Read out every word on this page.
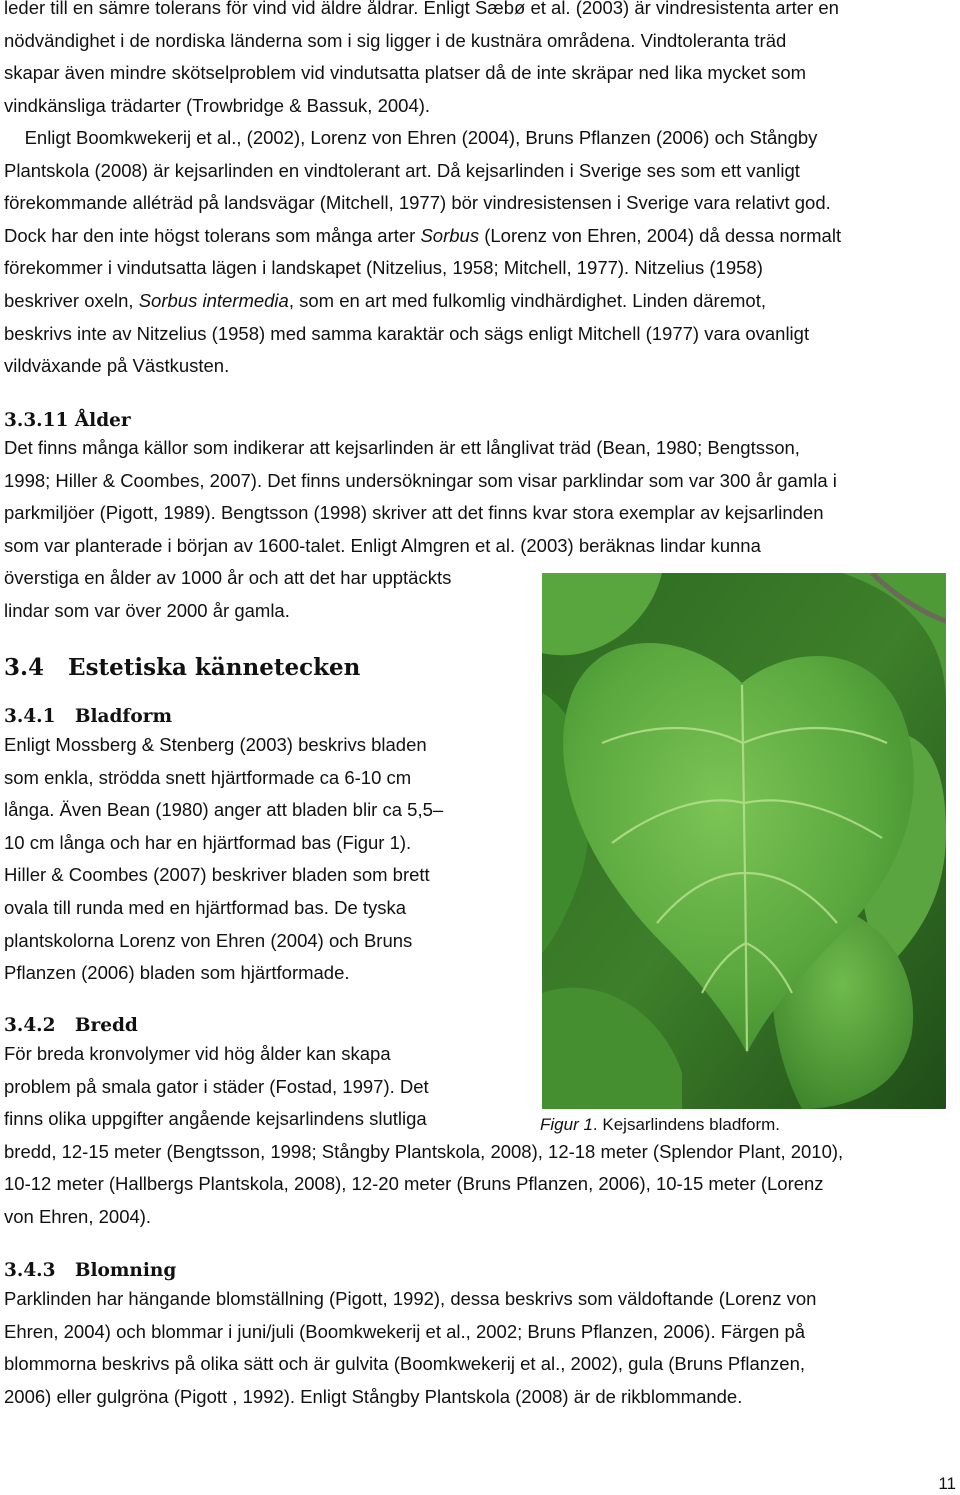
leder till en sämre tolerans för vind vid äldre åldrar. Enligt Sæbø et al. (2003) är vindresistenta arter en
nödvändighet i de nordiska länderna som i sig ligger i de kustnära områdena. Vindtoleranta träd
skapar även mindre skötselproblem vid vindutsatta platser då de inte skräpar ned lika mycket som
vindkänsliga trädarter (Trowbridge & Bassuk, 2004).

Enligt Boomkwekerij et al., (2002), Lorenz von Ehren (2004), Bruns Pflanzen (2006) och Stångby
Plantskola (2008) är kejsarlinden en vindtolerant art. Då kejsarlinden i Sverige ses som ett vanligt
förekommande alléträd på landsvägar (Mitchell, 1977) bör vindresistensen i Sverige vara relativt god.
Dock har den inte högst tolerans som många arter Sorbus (Lorenz von Ehren, 2004) då dessa normalt
förekommer i vindutsatta lägen i landskapet (Nitzelius, 1958; Mitchell, 1977). Nitzelius (1958)
beskriver oxeln, Sorbus intermedia, som en art med fulkomlig vindhärdighet. Linden däremot,
beskrivs inte av Nitzelius (1958) med samma karaktär och sägs enligt Mitchell (1977) vara ovanligt
vildväxande på Västkusten.

3.3.11 Ålder

Det finns många källor som indikerar att kejsarlinden är ett långlivat träd (Bean, 1980; Bengtsson,
1998; Hiller & Coombes, 2007). Det finns undersökningar som visar parklindar som var 300 år gamla i
parkmiljöer (Pigott, 1989). Bengtsson (1998) skriver att det finns kvar stora exemplar av kejsarlinden
som var planterade i början av 1600-talet. Enligt Almgren et al. (2003) beräknas lindar kunna
överstiga en ålder av 1000 år och att det har upptäckts
lindar som var över 2000 år gamla.

3.4   Estetiska kännetecken
3.4.1   Bladform

Enligt Mossberg & Stenberg (2003) beskrivs bladen
som enkla, strödda snett hjärtformade ca 6-10 cm
långa. Även Bean (1980) anger att bladen blir ca 5,5–
10 cm långa och har en hjärtformad bas (Figur 1).
Hiller & Coombes (2007) beskriver bladen som brett
ovala till runda med en hjärtformad bas. De tyska
plantskolorna Lorenz von Ehren (2004) och Bruns
Pflanzen (2006) bladen som hjärtformade.

3.4.2   Bredd

För breda kronvolymer vid hög ålder kan skapa
problem på smala gator i städer (Fostad, 1997). Det
finns olika uppgifter angående kejsarlindens slutliga
bredd, 12-15 meter (Bengtsson, 1998; Stångby Plantskola, 2008), 12-18 meter (Splendor Plant, 2010),
10-12 meter (Hallbergs Plantskola, 2008), 12-20 meter (Bruns Pflanzen, 2006), 10-15 meter (Lorenz
von Ehren, 2004).

3.4.3   Blomning

Parklinden har hängande blomställning (Pigott, 1992), dessa beskrivs som väldoftande (Lorenz von
Ehren, 2004) och blommar i juni/juli (Boomkwekerij et al., 2002; Bruns Pflanzen, 2006). Färgen på
blommorna beskrivs på olika sätt och är gulvita (Boomkwekerij et al., 2002), gula (Bruns Pflanzen,
2006) eller gulgröna (Pigott , 1992). Enligt Stångby Plantskola (2008) är de rikblommande.

Figur 1. Kejsarlindens bladform.
11
